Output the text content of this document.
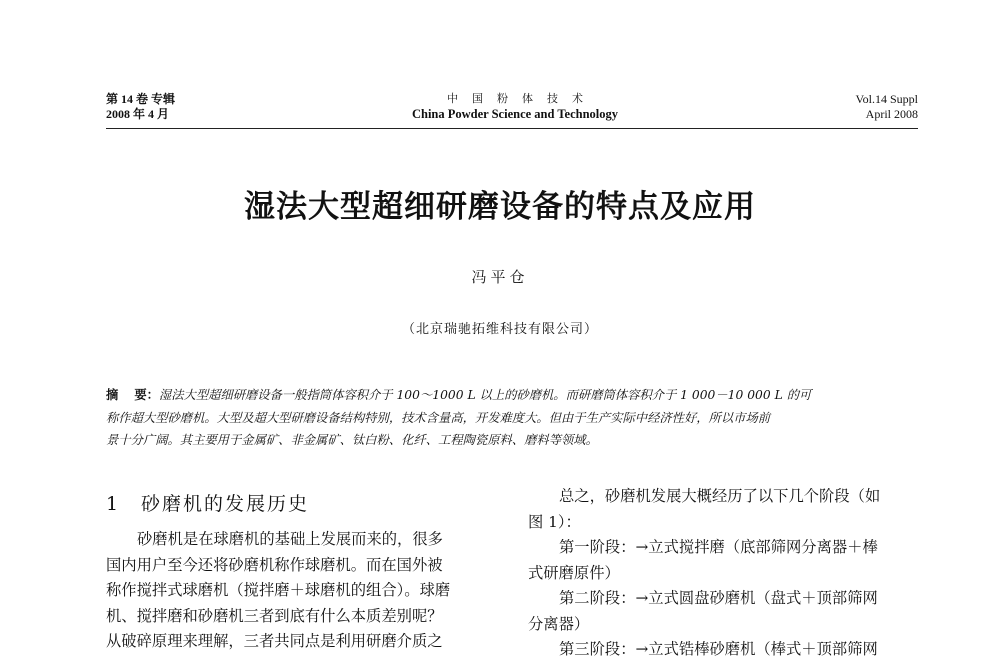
第 14 卷 专辑
2008 年 4 月
中国粉体技术
China Powder Science and Technology
Vol.14 Suppl
April 2008
湿法大型超细研磨设备的特点及应用
冯平仓
（北京瑞驰拓维科技有限公司）
摘 要：湿法大型超细研磨设备一般指筒体容积介于 100～1000 L 以上的砂磨机。而研磨筒体容积介于 1 000－10 000 L 的可
称作超大型砂磨机。大型及超大型研磨设备结构特别，技术含量高，开发难度大。但由于生产实际中经济性好，所以市场前
景十分广阔。其主要用于金属矿、非金属矿、钛白粉、化纤、工程陶瓷原料、磨料等领域。
1 砂磨机的发展历史
砂磨机是在球磨机的基础上发展而来的，很多
国内用户至今还将砂磨机称作球磨机。而在国外被
称作搅拌式球磨机（搅拌磨＋球磨机的组合）。球磨
机、搅拌磨和砂磨机三者到底有什么本质差别呢？
从破碎原理来理解，三者共同点是利用研磨介质之
总之，砂磨机发展大概经历了以下几个阶段（如
图 1）：
第一阶段：→立式搅拌磨（底部筛网分离器＋棒
式研磨原件）
第二阶段：→立式圆盘砂磨机（盘式＋顶部筛网
分离器）
第三阶段：→立式锆棒砂磨机（棒式＋顶部筛网
